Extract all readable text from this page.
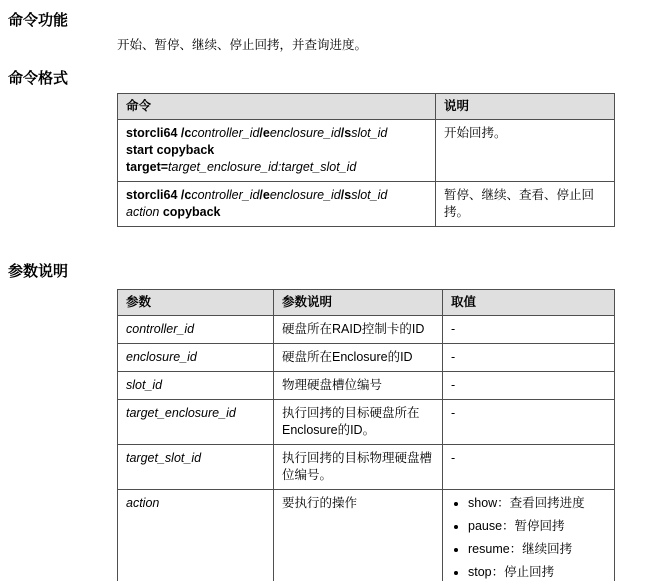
命令功能

开始、暂停、继续、停止回拷，并查询进度。

命令格式
命令	说明
storcli64 /ccontroller_id/eenclosure_id/sslot_id
start copyback
target=target_enclosure_id:target_slot_id	开始回拷。
storcli64 /ccontroller_id/eenclosure_id/sslot_id
action copyback	暂停、继续、查看、停止回拷。
参数说明
参数	参数说明	取值
controller_id	硬盘所在RAID控制卡的ID	-
enclosure_id	硬盘所在Enclosure的ID	-
slot_id	物理硬盘槽位编号	-
target_enclosure_id	执行回拷的目标硬盘所在Enclosure的ID。	-
target_slot_id	执行回拷的目标物理硬盘槽位编号。	-
action	要执行的操作	
•show：查看回拷进度
• pause：暂停回拷
• resume：继续回拷
• stop：停止回拷
